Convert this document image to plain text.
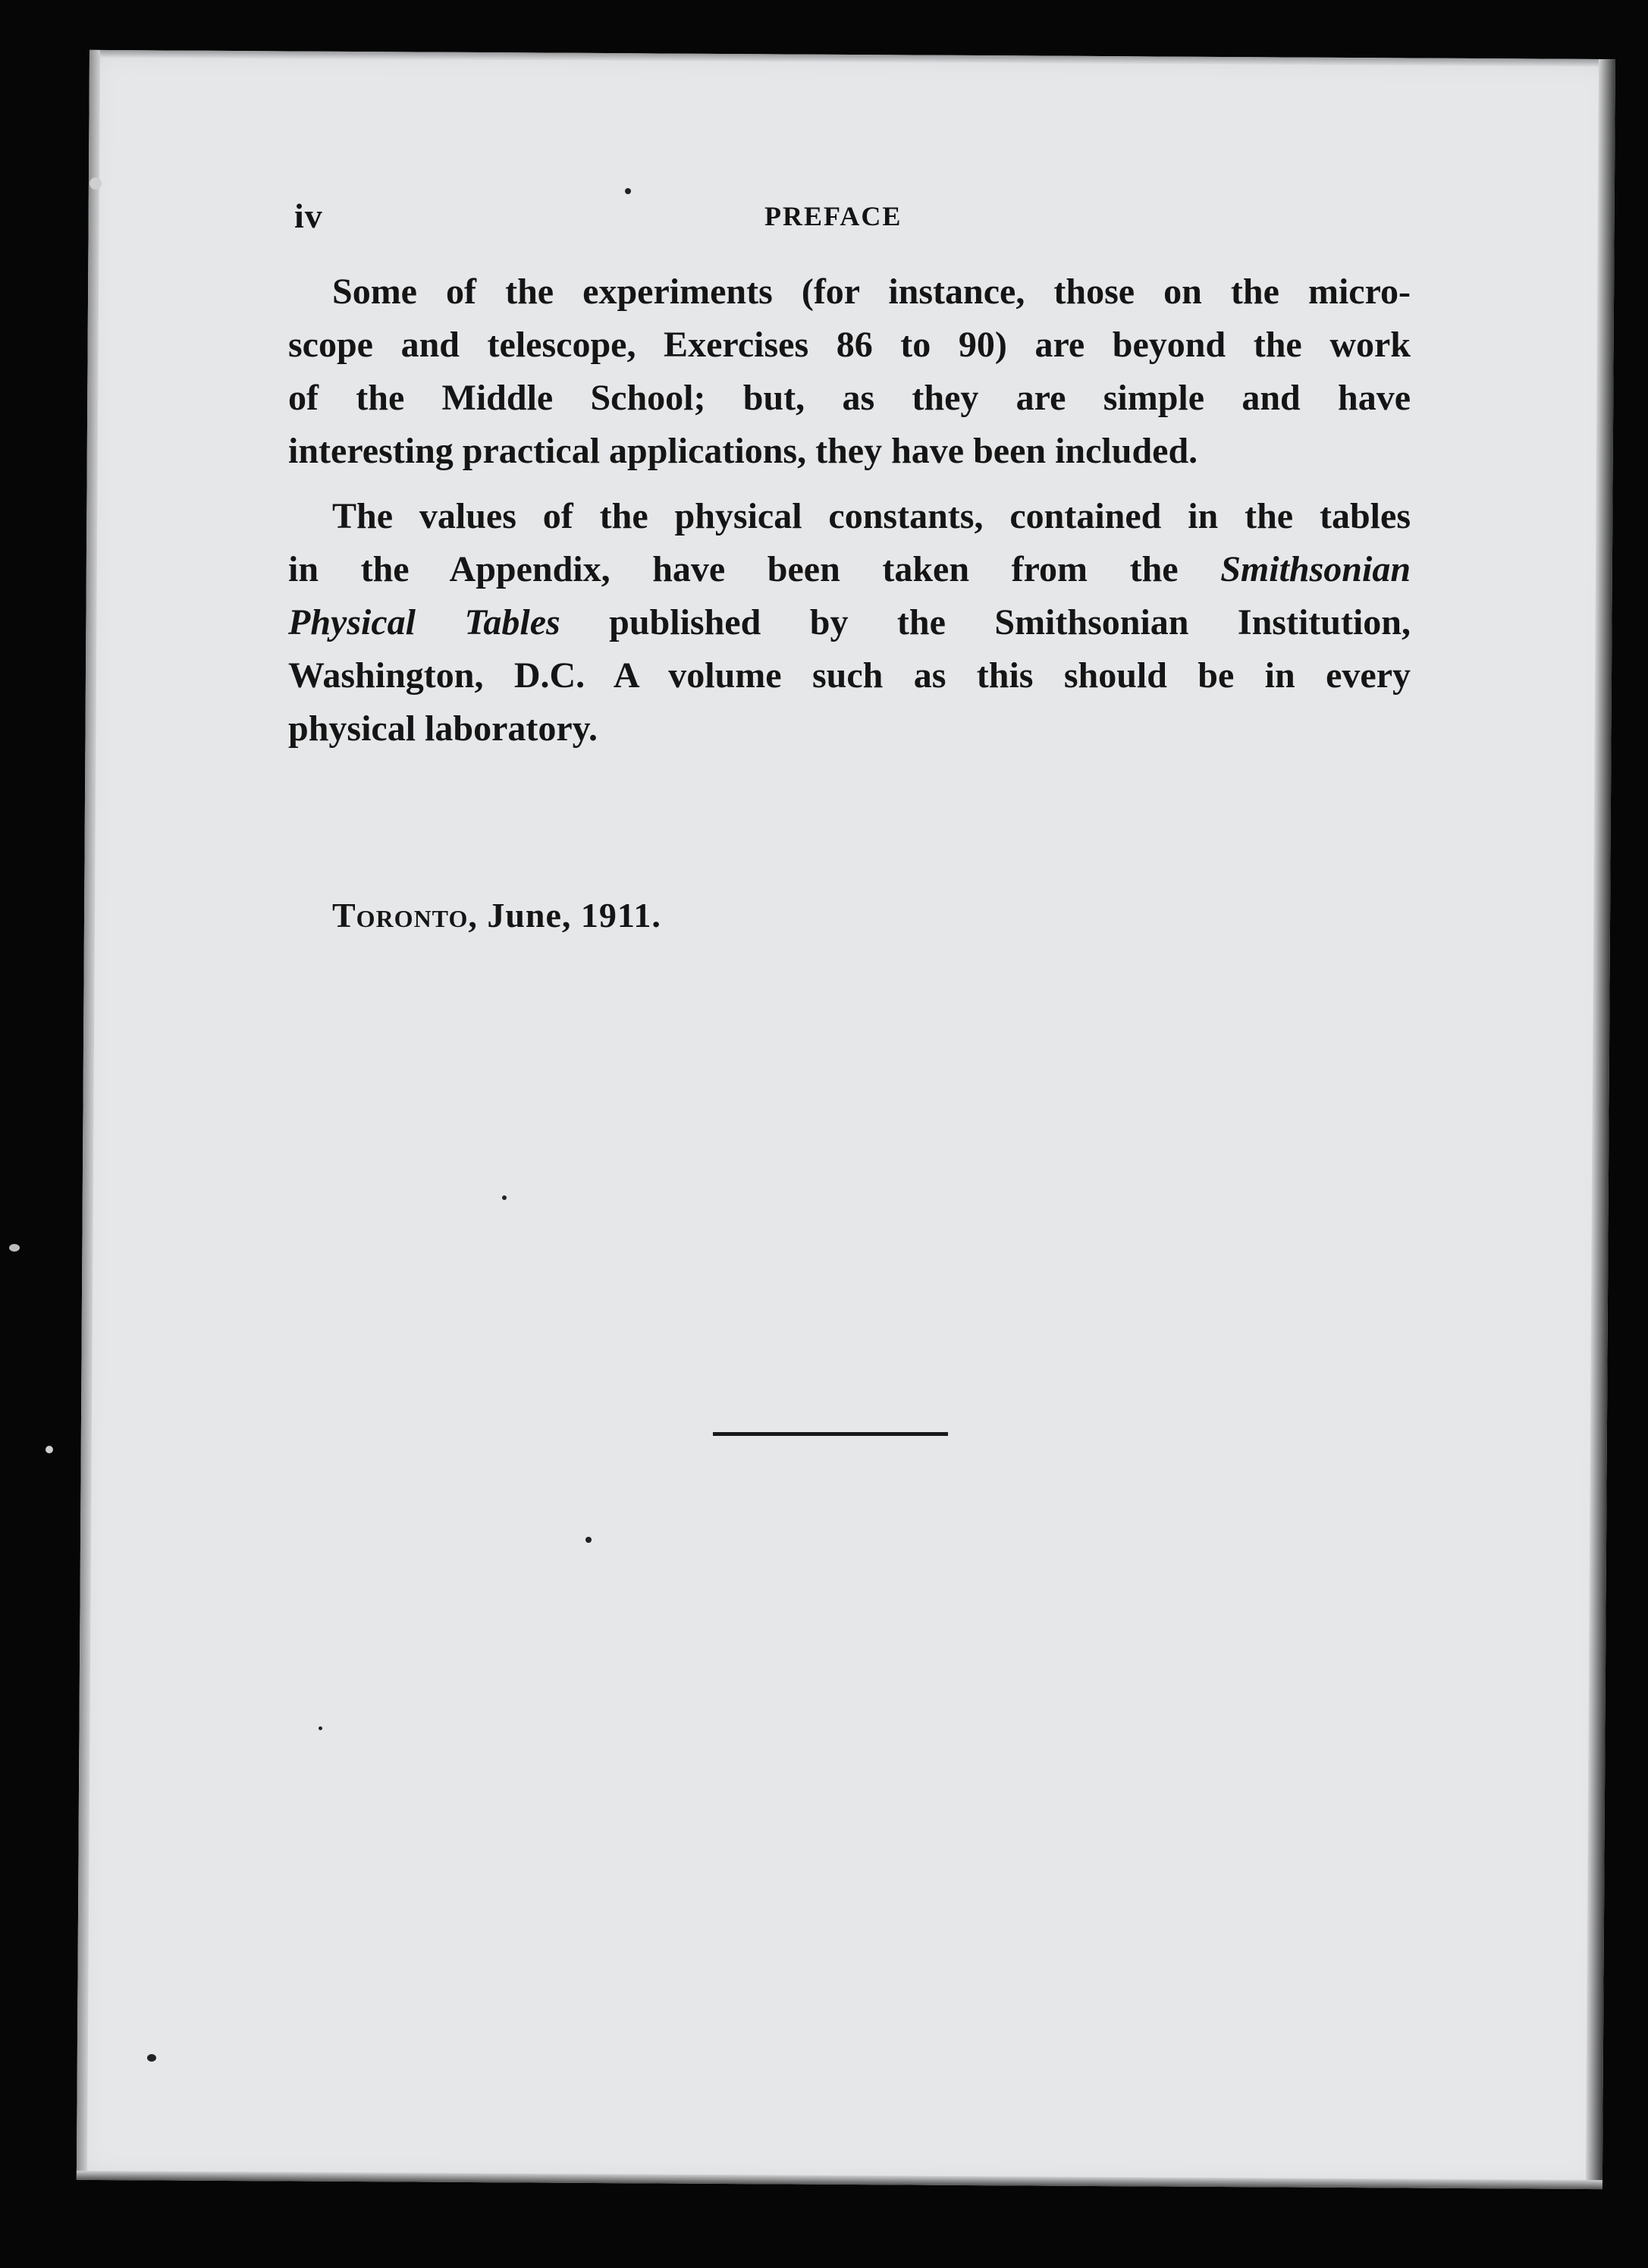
iv	PREFACE

Some of the experiments (for instance, those on the micro-
scope and telescope, Exercises 86 to 90) are beyond the work
of the Middle School; but, as they are simple and have
interesting practical applications, they have been included.

The values of the physical constants, contained in the tables
in the Appendix, have been taken from the Smithsonian
Physical Tables published by the Smithsonian Institution,
Washington, D.C. A volume such as this should be in every
physical laboratory.

Toronto, June, 1911.
